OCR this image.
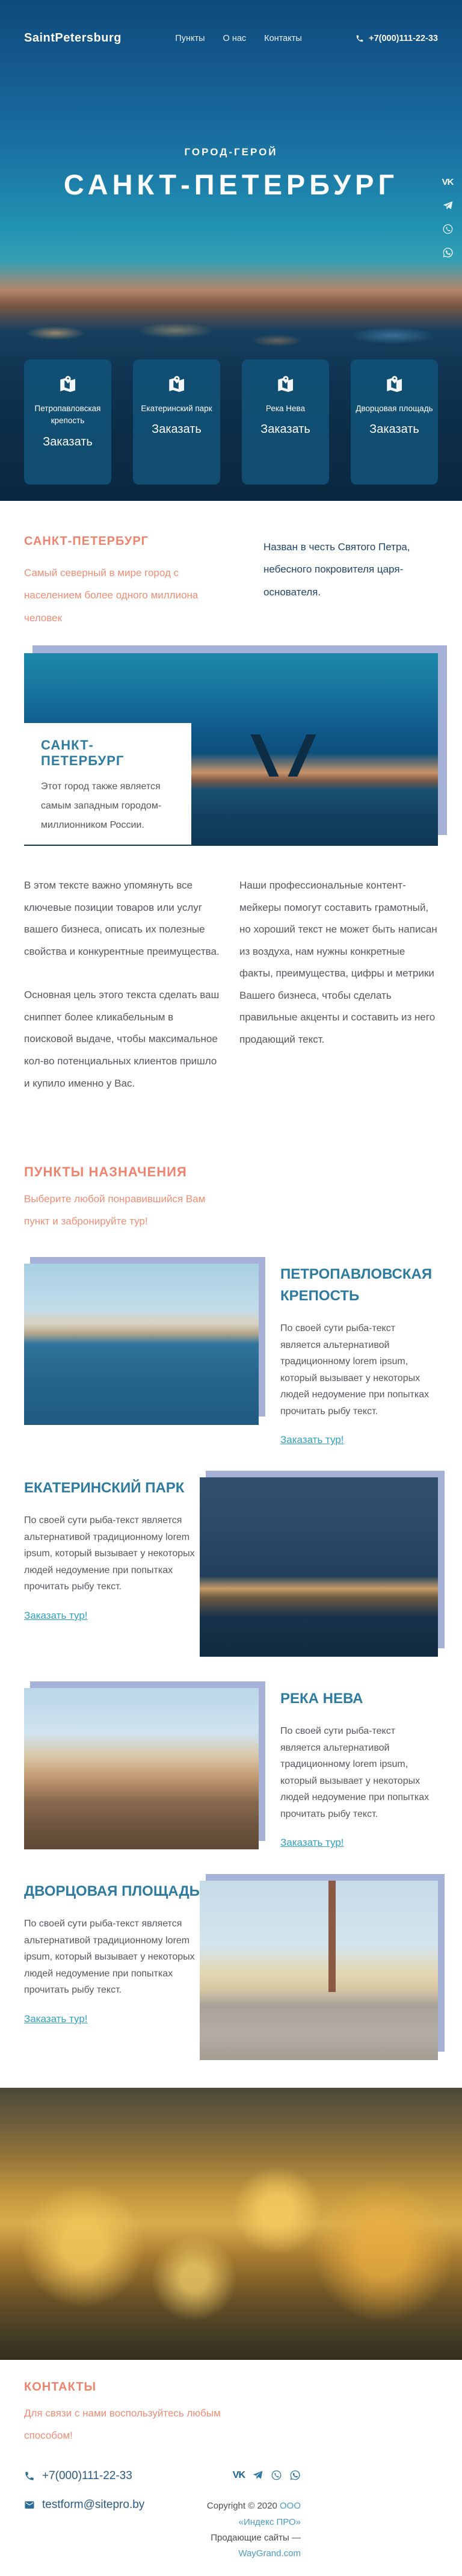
SaintPetersburg	Пункты О нас Контакты	+7(000)111-22-33
ГОРОД-ГЕРОЙ
САНКТ-ПЕТЕРБУРГ	VK
Петропавловская крепость
Заказать
Екатеринский парк
Заказать
Река Нева
Заказать
Дворцовая площадь
Заказать
САНКТ-ПЕТЕРБУРГ
Самый северный в мире город с населением более одного миллиона человек
Назван в честь Святого Петра, небесного покровителя царя-основателя.
САНКТ-ПЕТЕРБУРГ

Этот город также является самым западным городом-миллионником России.

В этом тексте важно упомянуть все ключевые позиции товаров или услуг вашего бизнеса, описать их полезные свойства и конкурентные преимущества.

Основная цель этого текста сделать ваш сниппет более кликабельным в поисковой выдаче, чтобы максимальное кол-во потенциальных клиентов пришло и купило именно у Вас.

Наши профессиональные контент-мейкеры помогут составить грамотный, но хороший текст не может быть написан из воздуха, нам нужны конкретные факты, преимущества, цифры и метрики Вашего бизнеса, чтобы сделать правильные акценты и составить из него продающий текст.

ПУНКТЫ НАЗНАЧЕНИЯ
Выберите любой понравившийся Вам пункт и забронируйте тур!
ПЕТРОПАВЛОВСКАЯ КРЕПОСТЬ

По своей сути рыба-текст является альтернативой традиционному lorem ipsum, который вызывает у некоторых людей недоумение при попытках прочитать рыбу текст.

Заказать тур!
ЕКАТЕРИНСКИЙ ПАРК

По своей сути рыба-текст является альтернативой традиционному lorem ipsum, который вызывает у некоторых людей недоумение при попытках прочитать рыбу текст.

Заказать тур!
РЕКА НЕВА

По своей сути рыба-текст является альтернативой традиционному lorem ipsum, который вызывает у некоторых людей недоумение при попытках прочитать рыбу текст.

Заказать тур!
ДВОРЦОВАЯ ПЛОЩАДЬ

По своей сути рыба-текст является альтернативой традиционному lorem ipsum, который вызывает у некоторых людей недоумение при попытках прочитать рыбу текст.

Заказать тур!
КОНТАКТЫ
Для связи с нами воспользуйтесь любым способом!
+7(000)111-22-33	VK
testform@sitepro.by	Copyright © 2020 ООО «Индекс ПРО»
Продающие сайты —
WayGrand.com
